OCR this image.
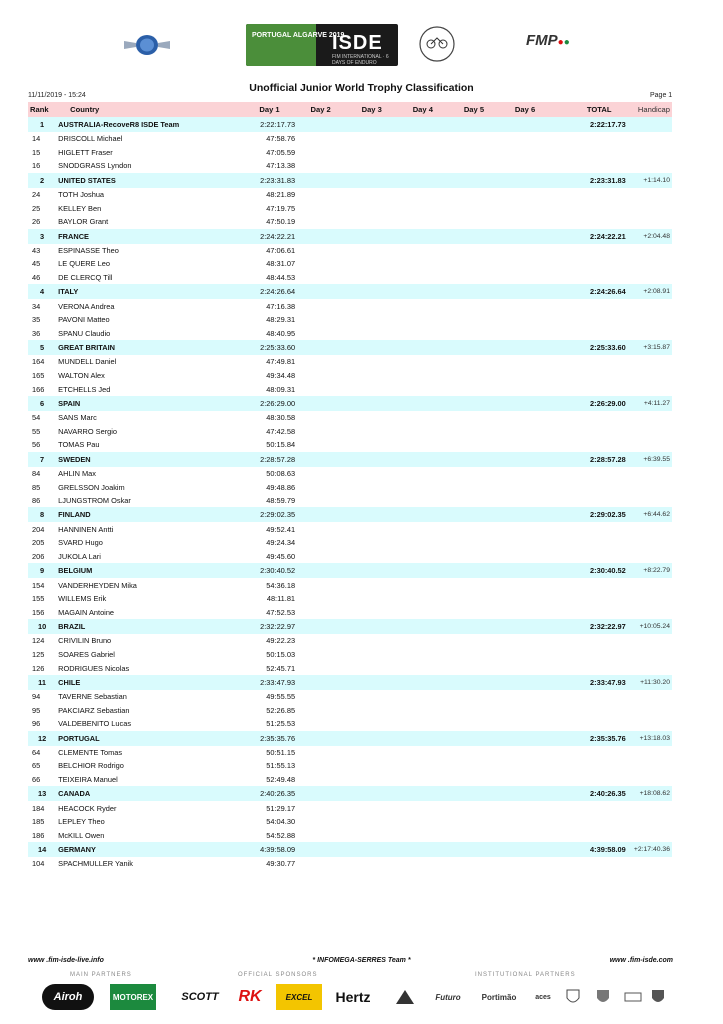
PORTUGAL ALGARVE 2019
ISDE
FIM INTERNATIONAL · 6 DAYS OF ENDURO
FMP●●
Unofficial Junior World Trophy Classification
11/11/2019 - 15:24	Page 1
Rank	Country	Day 1	Day 2	Day 3	Day 4	Day 5	Day 6	TOTAL	Handicap
1	AUSTRALIA-RecoveR8 ISDE Team	2:22:17.73						2:22:17.73	
14	DRISCOLL Michael	47:58.76							
15	HIGLETT Fraser	47:05.59							
16	SNODGRASS Lyndon	47:13.38							
2	UNITED STATES	2:23:31.83						2:23:31.83	+1:14.10
24	TOTH Joshua	48:21.89							
25	KELLEY Ben	47:19.75							
26	BAYLOR Grant	47:50.19							
3	FRANCE	2:24:22.21						2:24:22.21	+2:04.48
43	ESPINASSE Theo	47:06.61							
45	LE QUERE Leo	48:31.07							
46	DE CLERCQ Till	48:44.53							
4	ITALY	2:24:26.64						2:24:26.64	+2:08.91
34	VERONA Andrea	47:16.38							
35	PAVONI Matteo	48:29.31							
36	SPANU Claudio	48:40.95							
5	GREAT BRITAIN	2:25:33.60						2:25:33.60	+3:15.87
164	MUNDELL Daniel	47:49.81							
165	WALTON Alex	49:34.48							
166	ETCHELLS Jed	48:09.31							
6	SPAIN	2:26:29.00						2:26:29.00	+4:11.27
54	SANS Marc	48:30.58							
55	NAVARRO Sergio	47:42.58							
56	TOMAS Pau	50:15.84							
7	SWEDEN	2:28:57.28						2:28:57.28	+6:39.55
84	AHLIN Max	50:08.63							
85	GRELSSON Joakim	49:48.86							
86	LJUNGSTROM Oskar	48:59.79							
8	FINLAND	2:29:02.35						2:29:02.35	+6:44.62
204	HANNINEN Antti	49:52.41							
205	SVARD Hugo	49:24.34							
206	JUKOLA Lari	49:45.60							
9	BELGIUM	2:30:40.52						2:30:40.52	+8:22.79
154	VANDERHEYDEN Mika	54:36.18							
155	WILLEMS Erik	48:11.81							
156	MAGAIN Antoine	47:52.53							
10	BRAZIL	2:32:22.97						2:32:22.97	+10:05.24
124	CRIVILIN Bruno	49:22.23							
125	SOARES Gabriel	50:15.03							
126	RODRIGUES Nicolas	52:45.71							
11	CHILE	2:33:47.93						2:33:47.93	+11:30.20
94	TAVERNE Sebastian	49:55.55							
95	PAKCIARZ Sebastian	52:26.85							
96	VALDEBENITO Lucas	51:25.53							
12	PORTUGAL	2:35:35.76						2:35:35.76	+13:18.03
64	CLEMENTE Tomas	50:51.15							
65	BELCHIOR Rodrigo	51:55.13							
66	TEIXEIRA Manuel	52:49.48							
13	CANADA	2:40:26.35						2:40:26.35	+18:08.62
184	HEACOCK Ryder	51:29.17							
185	LEPLEY Theo	54:04.30							
186	McKILL Owen	54:52.88							
14	GERMANY	4:39:58.09						4:39:58.09	+2:17:40.36
104	SPACHMULLER Yanik	49:30.77							
www .fim-isde-live.info	* INFOMEGA-SERRES Team *	www .fim-isde.com
MAIN PARTNERS	OFFICIAL SPONSORS	INSTITUTIONAL PARTNERS
Airoh	MOTOREX	SCOTT	RK	EXCEL	Hertz	Futuro	Portimão	aces
